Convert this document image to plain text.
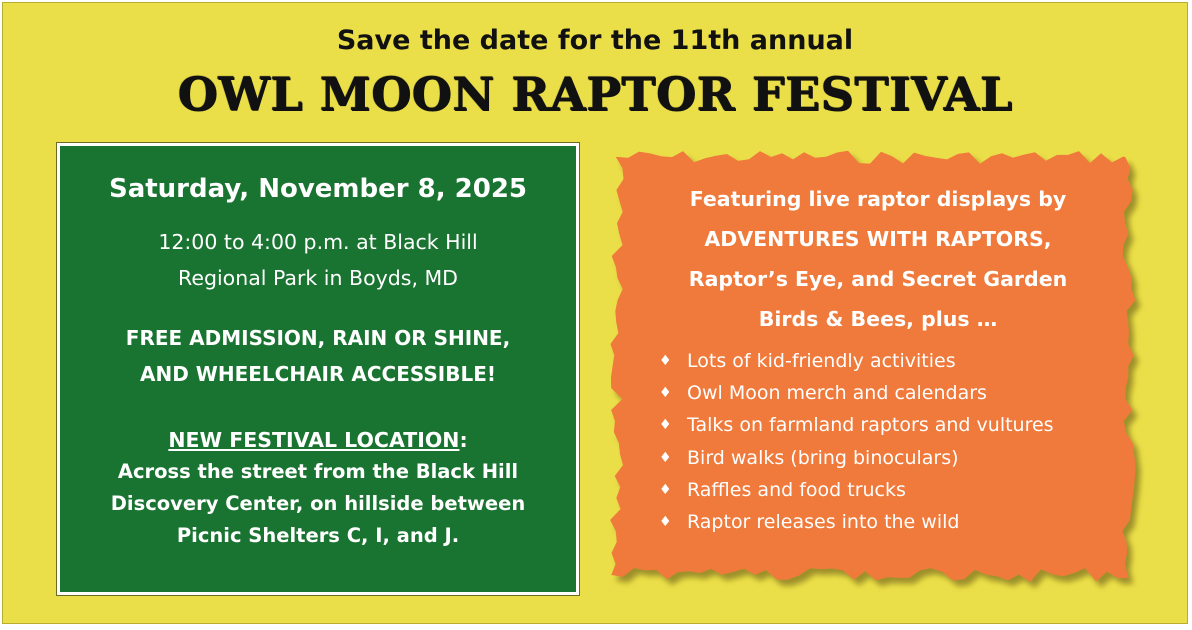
Save the date for the 11th annual
OWL MOON RAPTOR FESTIVAL
Saturday, November 8, 2025
12:00 to 4:00 p.m. at Black Hill
Regional Park in Boyds, MD
FREE ADMISSION, RAIN OR SHINE,
AND WHEELCHAIR ACCESSIBLE!
NEW FESTIVAL LOCATION:
Across the street from the Black Hill
Discovery Center, on hillside between
Picnic Shelters C, I, and J.
Featuring live raptor displays by
ADVENTURES WITH RAPTORS,
Raptor’s Eye, and Secret Garden
Birds & Bees, plus …
♦ Lots of kid-friendly activities
♦ Owl Moon merch and calendars
♦ Talks on farmland raptors and vultures
♦ Bird walks (bring binoculars)
♦ Raffles and food trucks
♦ Raptor releases into the wild
